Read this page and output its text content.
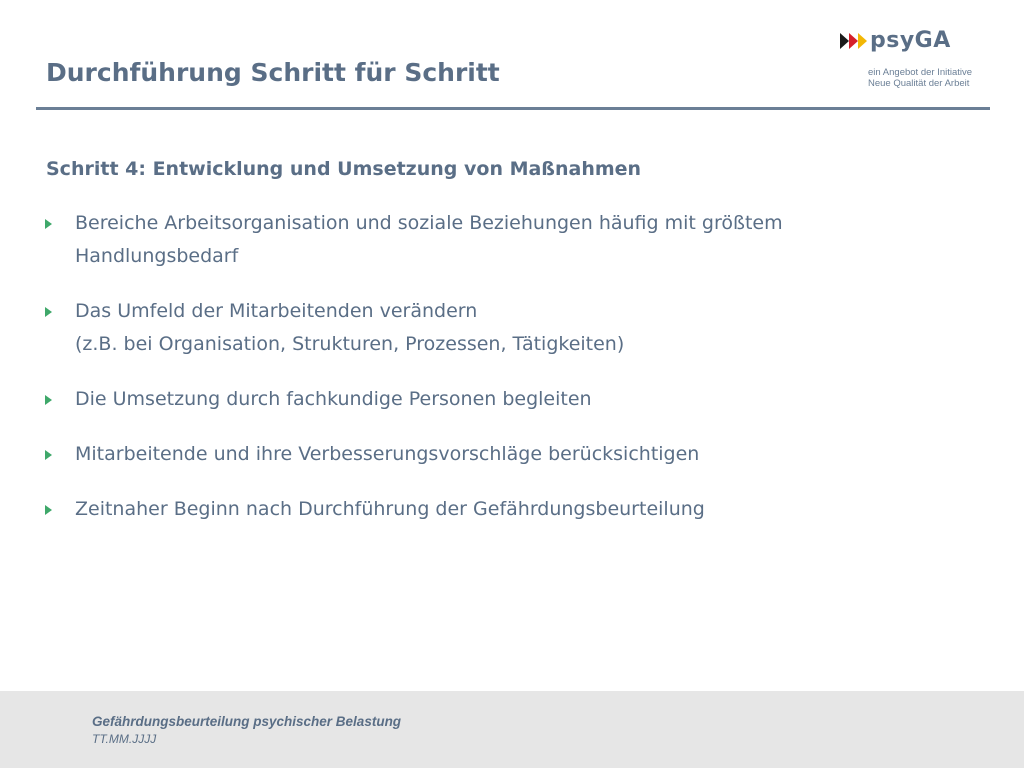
Durchführung Schritt für Schritt
psyGA
ein Angebot der Initiative
Neue Qualität der Arbeit
Schritt 4: Entwicklung und Umsetzung von Maßnahmen
Bereiche Arbeitsorganisation und soziale Beziehungen häufig mit größtem
Handlungsbedarf
Das Umfeld der Mitarbeitenden verändern
(z.B. bei Organisation, Strukturen, Prozessen, Tätigkeiten)
Die Umsetzung durch fachkundige Personen begleiten
Mitarbeitende und ihre Verbesserungsvorschläge berücksichtigen
Zeitnaher Beginn nach Durchführung der Gefährdungsbeurteilung
Gefährdungsbeurteilung psychischer Belastung
TT.MM.JJJJ
